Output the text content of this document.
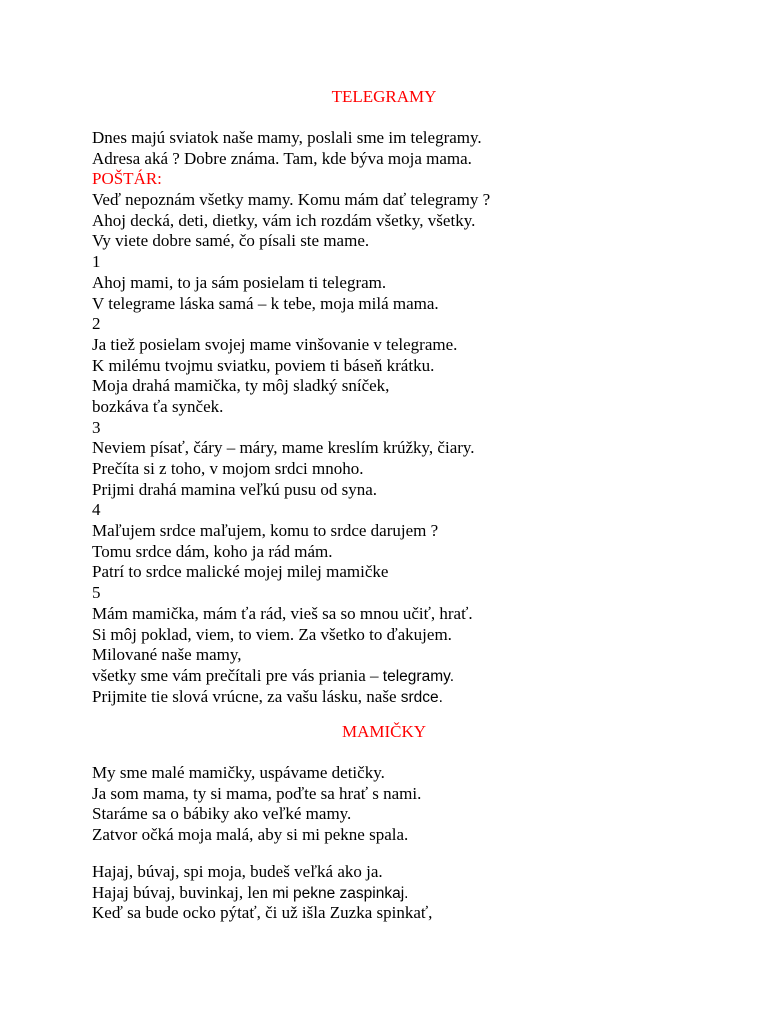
TELEGRAMY
Dnes majú sviatok naše mamy, poslali sme im telegramy.
Adresa aká ? Dobre známa. Tam, kde býva moja mama.
POŠTÁR:
Veď nepoznám všetky mamy. Komu mám dať telegramy ?
Ahoj decká, deti, dietky, vám ich rozdám všetky, všetky.
Vy viete dobre samé, čo písali ste mame.
1
Ahoj mami, to ja sám posielam ti telegram.
V telegrame láska samá – k tebe, moja milá mama.
2
Ja tiež posielam svojej mame vinšovanie v telegrame.
K milému tvojmu sviatku, poviem ti báseň krátku.
Moja drahá mamička, ty môj sladký sníček,
bozkáva ťa synček.
3
Neviem písať, čáry – máry, mame kreslím krúžky, čiary.
Prečíta si z toho, v mojom srdci mnoho.
Prijmi drahá mamina veľkú pusu od syna.
4
Maľujem srdce maľujem, komu to srdce darujem ?
Tomu srdce dám, koho ja rád mám.
Patrí to srdce malické mojej milej mamičke
5
Mám mamička, mám ťa rád, vieš sa so mnou učiť, hrať.
Si môj poklad, viem, to viem. Za všetko to ďakujem.
Milované naše mamy,
všetky sme vám prečítali pre vás priania – telegramy.
Prijmite tie slová vrúcne, za vašu lásku, naše srdce.
MAMIČKY
My sme malé mamičky, uspávame detičky.
Ja som mama, ty si mama, poďte sa hrať s nami.
Staráme sa o bábiky ako veľké mamy.
Zatvor očká moja malá, aby si mi pekne spala.
Hajaj, búvaj, spi moja, budeš veľká ako ja.
Hajaj búvaj, buvinkaj, len mi pekne zaspinkaj.
Keď sa bude ocko pýtať, či už išla Zuzka spinkať,
